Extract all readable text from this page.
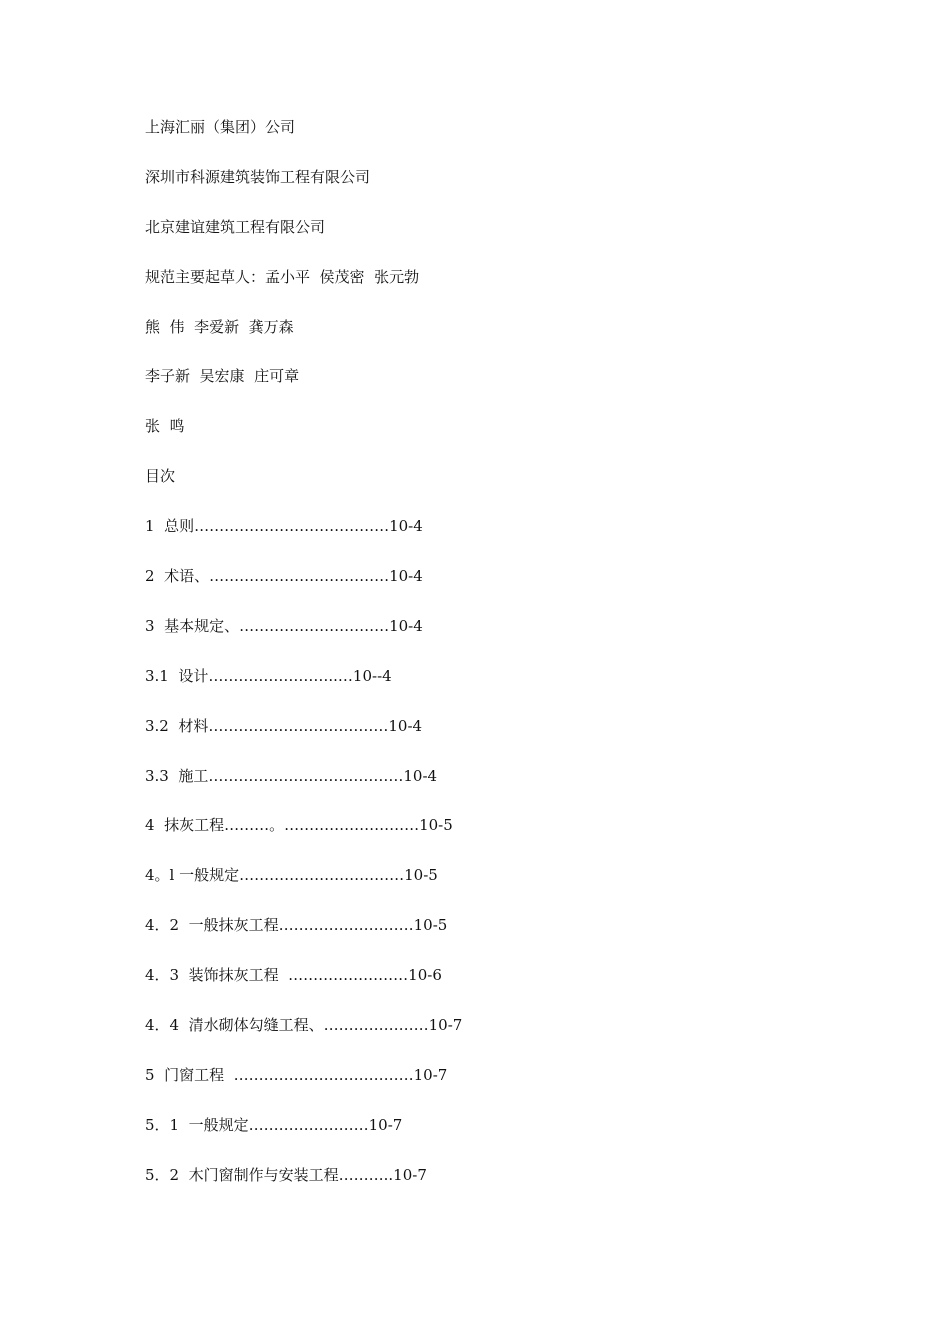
上海汇丽（集团）公司
深圳市科源建筑装饰工程有限公司
北京建谊建筑工程有限公司
规范主要起草人：孟小平  侯茂密  张元勃
熊  伟  李爱新  龚万森
李子新  吴宏康  庄可章
张  鸣
目次
1  总则…………………………………10-4
2  术语、………………………………10-4
3  基本规定、…………………………10-4
3.1  设计……………………..…10--4
3.2  材料………………………………10-4
3.3  施工…………………………………10-4
4  抹灰工程………。………………………10-5
4。l 一般规定……………………………10-5
4．2  一般抹灰工程………………………10-5
4．3  装饰抹灰工程  ……………………10-6
4．4  清水砌体勾缝工程、…………………10-7
5  门窗工程  ………………………………10-7
5．1  一般规定……………………10-7
5．2  木门窗制作与安装工程………..10-7
